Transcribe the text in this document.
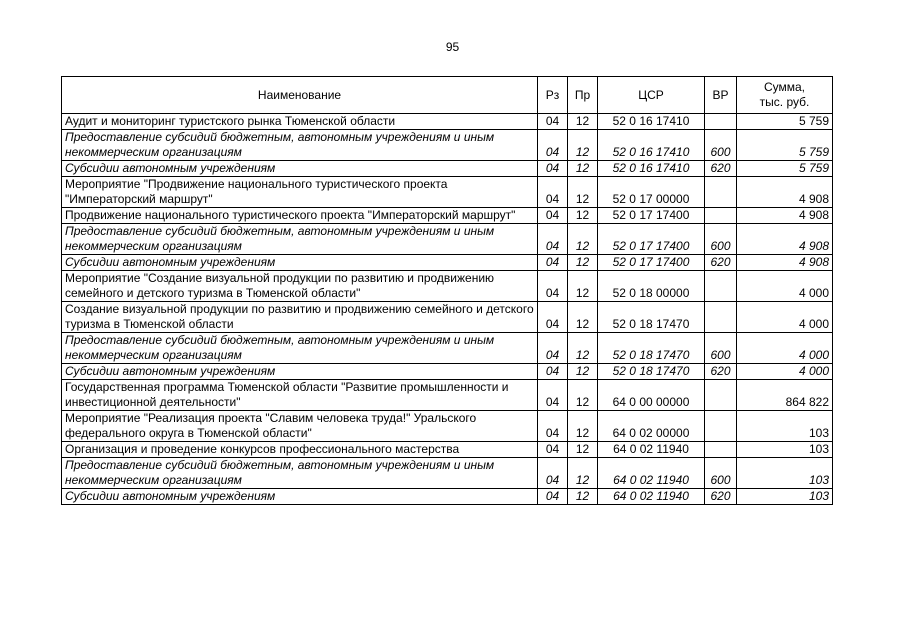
95
Наименование	Рз	Пр	ЦСР	ВР	Сумма,
тыс. руб.

Аудит и мониторинг туристского рынка Тюменской области	04	12	52 0 16 17410		5 759
Предоставление субсидий бюджетным, автономным учреждениям и иным некоммерческим организациям	04	12	52 0 16 17410	600	5 759
Субсидии автономным учреждениям	04	12	52 0 16 17410	620	5 759
Мероприятие "Продвижение национального туристического проекта "Императорский маршрут"	04	12	52 0 17 00000		4 908
Продвижение национального туристического проекта "Императорский маршрут"	04	12	52 0 17 17400		4 908
Предоставление субсидий бюджетным, автономным учреждениям и иным некоммерческим организациям	04	12	52 0 17 17400	600	4 908
Субсидии автономным учреждениям	04	12	52 0 17 17400	620	4 908
Мероприятие "Создание визуальной продукции по развитию и продвижению семейного и детского туризма в Тюменской области"	04	12	52 0 18 00000		4 000
Создание визуальной продукции по развитию и продвижению семейного и детского туризма в Тюменской области	04	12	52 0 18 17470		4 000
Предоставление субсидий бюджетным, автономным учреждениям и иным некоммерческим организациям	04	12	52 0 18 17470	600	4 000
Субсидии автономным учреждениям	04	12	52 0 18 17470	620	4 000
Государственная программа Тюменской области "Развитие промышленности и инвестиционной деятельности"	04	12	64 0 00 00000		864 822
Мероприятие "Реализация проекта "Славим человека труда!" Уральского федерального округа в Тюменской области"	04	12	64 0 02 00000		103
Организация и проведение конкурсов профессионального мастерства	04	12	64 0 02 11940		103
Предоставление субсидий бюджетным, автономным учреждениям и иным некоммерческим организациям	04	12	64 0 02 11940	600	103
Субсидии автономным учреждениям	04	12	64 0 02 11940	620	103
